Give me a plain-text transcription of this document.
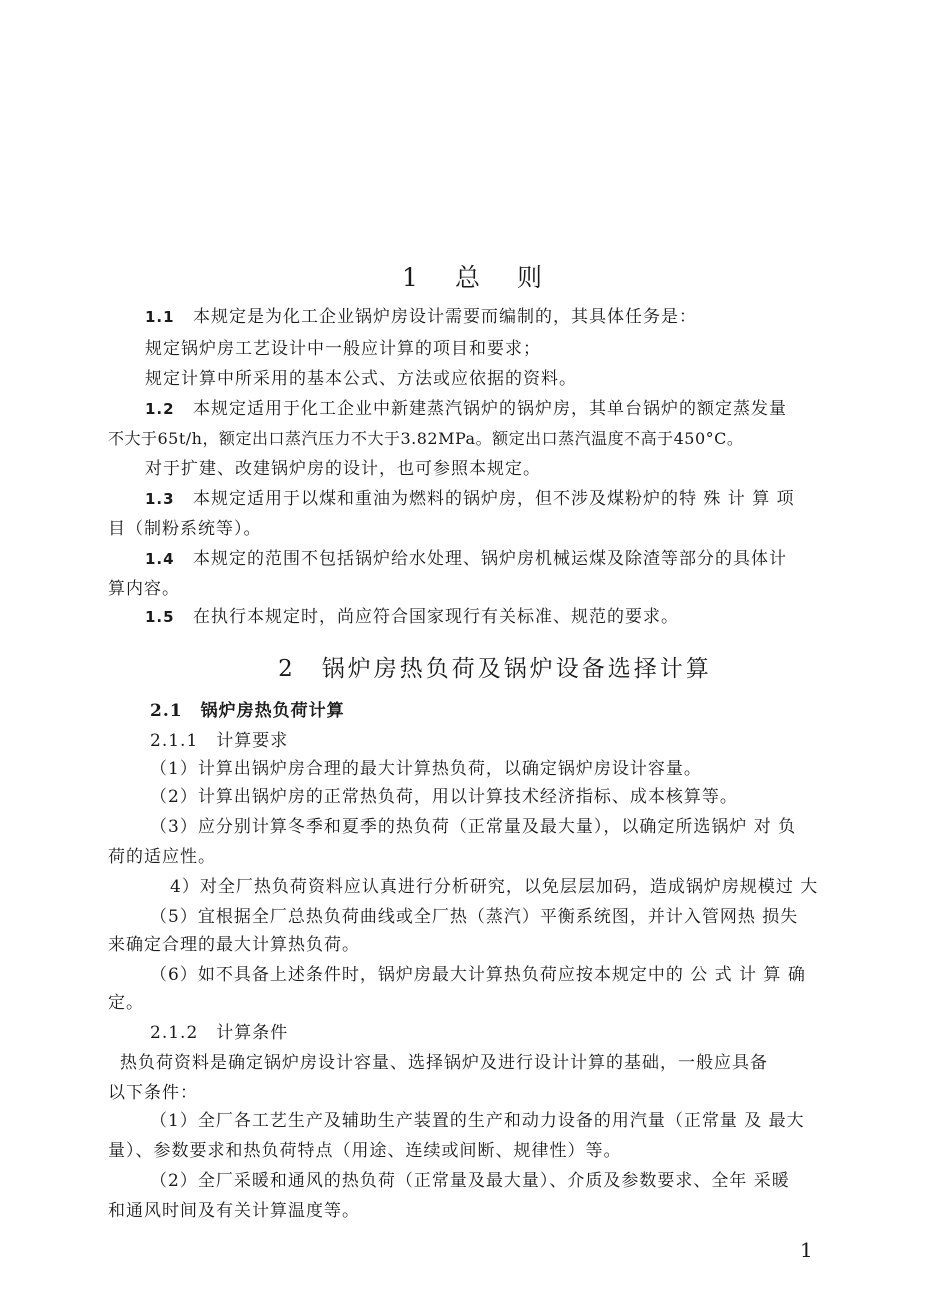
1　总　则
1.1 本规定是为化工企业锅炉房设计需要而编制的，其具体任务是：
规定锅炉房工艺设计中一般应计算的项目和要求；
规定计算中所采用的基本公式、方法或应依据的资料。
1.2 本规定适用于化工企业中新建蒸汽锅炉的锅炉房，其单台锅炉的额定蒸发量
不大于65t/h，额定出口蒸汽压力不大于3.82MPa。额定出口蒸汽温度不高于450°C。
对于扩建、改建锅炉房的设计，也可参照本规定。
1.3 本规定适用于以煤和重油为燃料的锅炉房，但不涉及煤粉炉的特 殊 计 算 项
目（制粉系统等）。
1.4 本规定的范围不包括锅炉给水处理、锅炉房机械运煤及除渣等部分的具体计
算内容。
1.5 在执行本规定时，尚应符合国家现行有关标准、规范的要求。
2　锅炉房热负荷及锅炉设备选择计算
2.1　锅炉房热负荷计算
2.1.1　计算要求
（1）计算出锅炉房合理的最大计算热负荷，以确定锅炉房设计容量。
（2）计算出锅炉房的正常热负荷，用以计算技术经济指标、成本核算等。
（3）应分别计算冬季和夏季的热负荷（正常量及最大量），以确定所选锅炉 对 负
荷的适应性。
4）对全厂热负荷资料应认真进行分析研究，以免层层加码，造成锅炉房规模过 大
（5）宜根据全厂总热负荷曲线或全厂热（蒸汽）平衡系统图，并计入管网热 损失
来确定合理的最大计算热负荷。
（6）如不具备上述条件时，锅炉房最大计算热负荷应按本规定中的 公 式 计 算 确
定。
2.1.2　计算条件
热负荷资料是确定锅炉房设计容量、选择锅炉及进行设计计算的基础，一般应具备
以下条件：
（1）全厂各工艺生产及辅助生产装置的生产和动力设备的用汽量（正常量 及 最大
量）、参数要求和热负荷特点（用途、连续或间断、规律性）等。
（2）全厂采暖和通风的热负荷（正常量及最大量）、介质及参数要求、全年 采暖
和通风时间及有关计算温度等。
1
